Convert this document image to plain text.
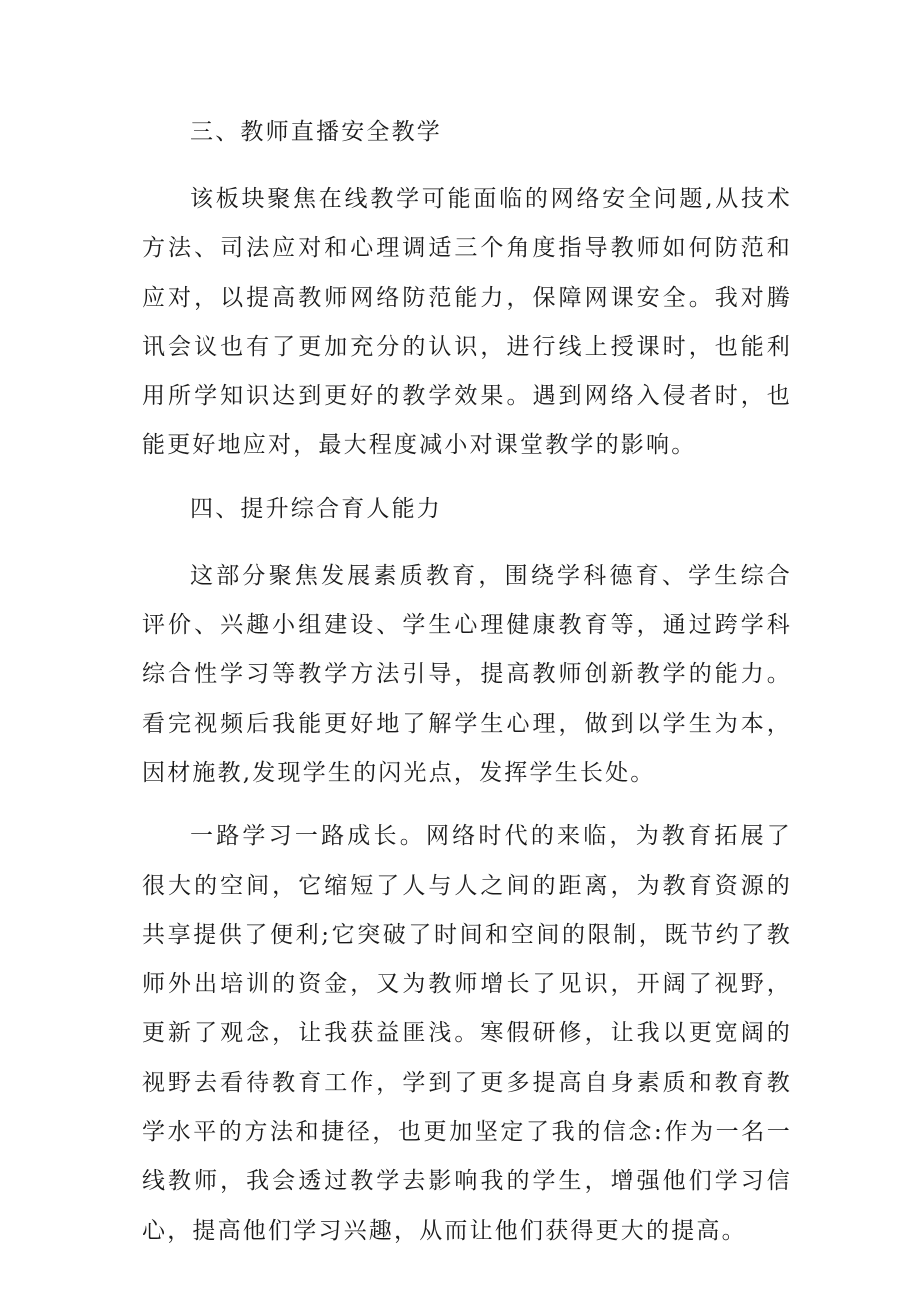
三、教师直播安全教学

该板块聚焦在线教学可能面临的网络安全问题,从技术方法、司法应对和心理调适三个角度指导教师如何防范和应对，以提高教师网络防范能力，保障网课安全。我对腾讯会议也有了更加充分的认识，进行线上授课时，也能利用所学知识达到更好的教学效果。遇到网络入侵者时，也能更好地应对，最大程度减小对课堂教学的影响。

四、提升综合育人能力

这部分聚焦发展素质教育，围绕学科德育、学生综合评价、兴趣小组建设、学生心理健康教育等，通过跨学科综合性学习等教学方法引导，提高教师创新教学的能力。看完视频后我能更好地了解学生心理，做到以学生为本，因材施教,发现学生的闪光点，发挥学生长处。

一路学习一路成长。网络时代的来临，为教育拓展了很大的空间，它缩短了人与人之间的距离，为教育资源的共享提供了便利;它突破了时间和空间的限制，既节约了教师外出培训的资金，又为教师增长了见识，开阔了视野，更新了观念，让我获益匪浅。寒假研修，让我以更宽阔的视野去看待教育工作，学到了更多提高自身素质和教育教学水平的方法和捷径，也更加坚定了我的信念:作为一名一线教师，我会透过教学去影响我的学生，增强他们学习信心，提高他们学习兴趣，从而让他们获得更大的提高。
